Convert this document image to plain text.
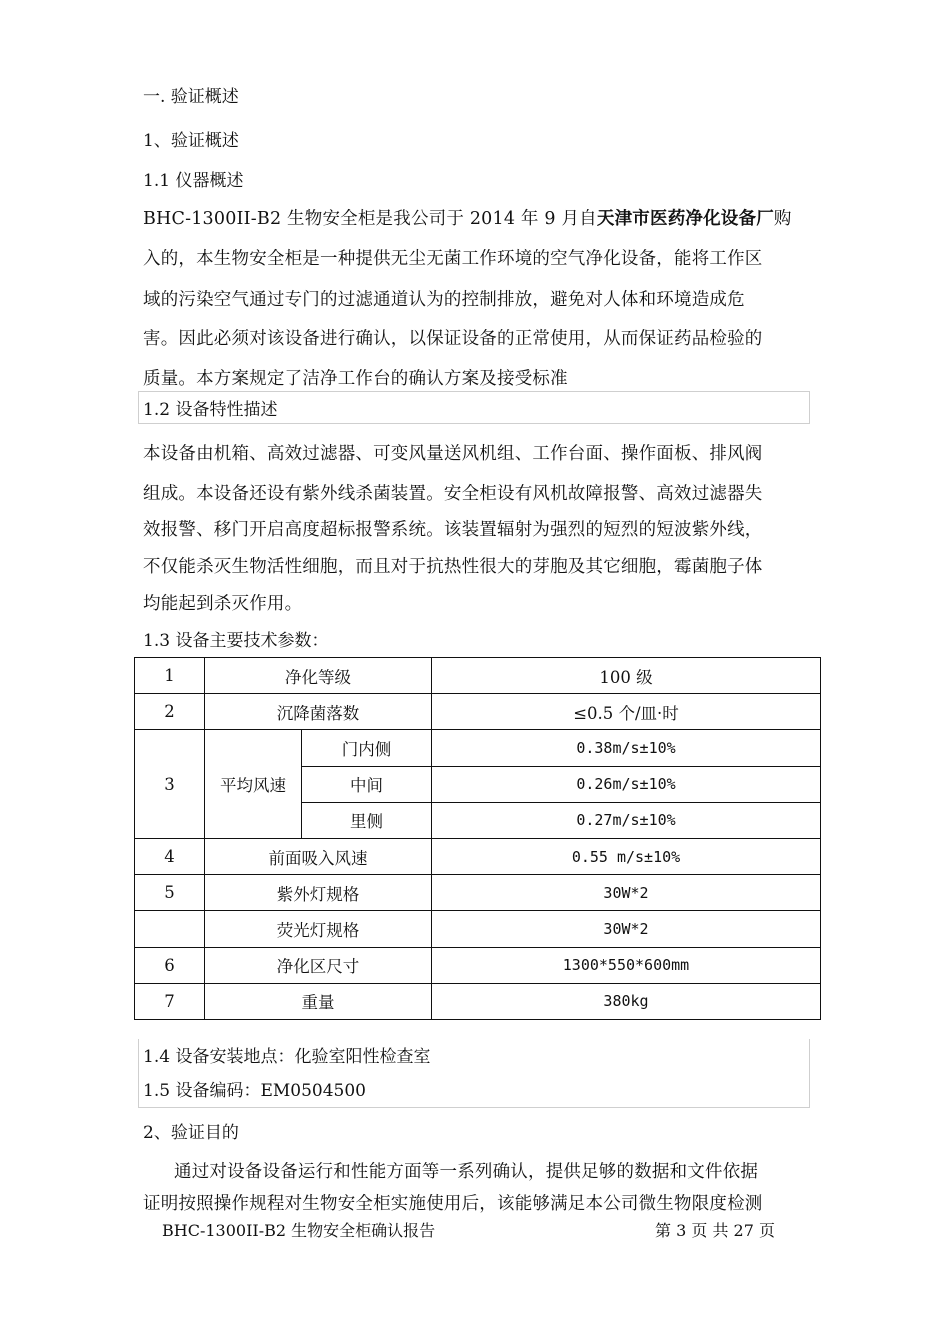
一. 验证概述
1、验证概述
1.1 仪器概述
BHC-1300II-B2 生物安全柜是我公司于 2014 年 9 月自天津市医药净化设备厂购
入的，本生物安全柜是一种提供无尘无菌工作环境的空气净化设备，能将工作区
域的污染空气通过专门的过滤通道认为的控制排放，避免对人体和环境造成危
害。因此必须对该设备进行确认，以保证设备的正常使用，从而保证药品检验的
质量。本方案规定了洁净工作台的确认方案及接受标准
1.2 设备特性描述
本设备由机箱、高效过滤器、可变风量送风机组、工作台面、操作面板、排风阀
组成。本设备还设有紫外线杀菌装置。安全柜设有风机故障报警、高效过滤器失
效报警、移门开启高度超标报警系统。该装置辐射为强烈的短烈的短波紫外线，
不仅能杀灭生物活性细胞，而且对于抗热性很大的芽胞及其它细胞，霉菌胞子体
均能起到杀灭作用。
1.3 设备主要技术参数：
1	净化等级		100 级
2	沉降菌落数		≤0.5 个/皿·时
3	平均风速	门内侧	0.38m/s±10%
		中间	0.26m/s±10%
		里侧	0.27m/s±10%
4	前面吸入风速		0.55 m/s±10%
5	紫外灯规格		30W*2
	荧光灯规格		30W*2
6	净化区尺寸		1300*550*600mm
7	重量		380kg
1.4 设备安装地点：化验室阳性检查室
1.5 设备编码：EM0504500
2、验证目的
通过对设备设备运行和性能方面等一系列确认，提供足够的数据和文件依据
证明按照操作规程对生物安全柜实施使用后，该能够满足本公司微生物限度检测
BHC-1300II-B2 生物安全柜确认报告	第 3 页 共 27 页
